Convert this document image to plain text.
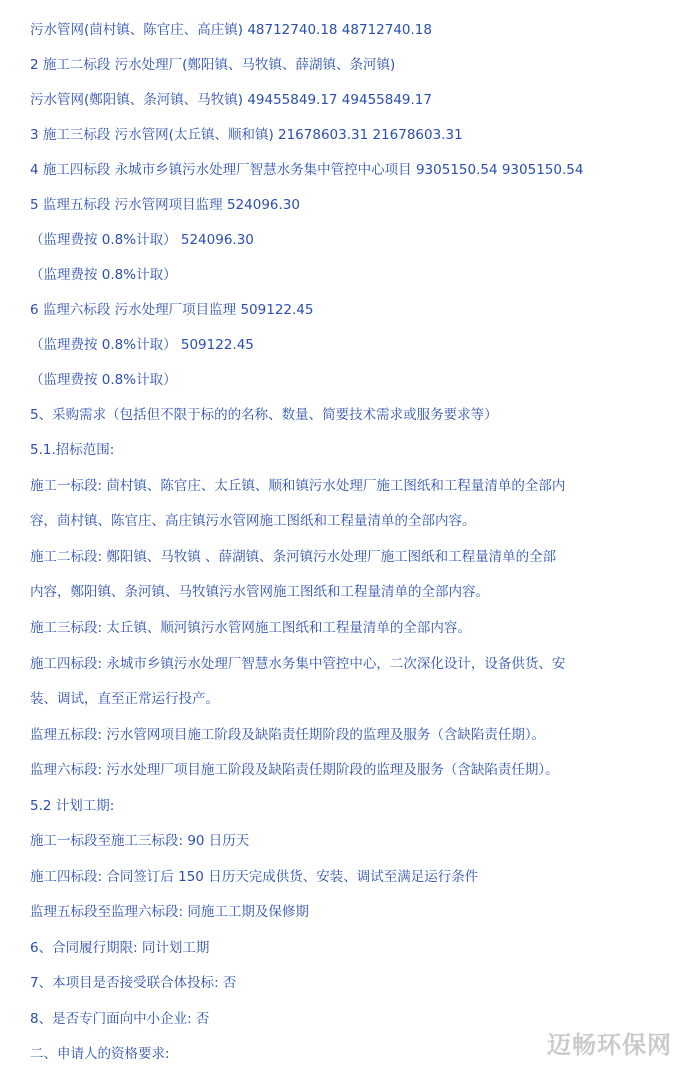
污水管网(茴村镇、陈官庄、高庄镇) 48712740.18 48712740.18
2 施工二标段 污水处理厂(鄭阳镇、马牧镇、薛湖镇、条河镇)
污水管网(鄭阳镇、条河镇、马牧镇) 49455849.17 49455849.17
3 施工三标段 污水管网(太丘镇、顺和镇) 21678603.31 21678603.31
4 施工四标段 永城市乡镇污水处理厂智慧水务集中管控中心项目 9305150.54 9305150.54
5 监理五标段 污水管网项目监理 524096.30
（监理费按 0.8%计取） 524096.30
（监理费按 0.8%计取）
6 监理六标段 污水处理厂项目监理 509122.45
（监理费按 0.8%计取） 509122.45
（监理费按 0.8%计取）
5、采购需求（包括但不限于标的的名称、数量、简要技术需求或服务要求等）
5.1.招标范围:
施工一标段: 茴村镇、陈官庄、太丘镇、顺和镇污水处理厂施工图纸和工程量清单的全部内
容，茴村镇、陈官庄、高庄镇污水管网施工图纸和工程量清单的全部内容。
施工二标段: 鄭阳镇、马牧镇 、薛湖镇、条河镇污水处理厂施工图纸和工程量清单的全部
内容，鄭阳镇、条河镇、马牧镇污水管网施工图纸和工程量清单的全部内容。
施工三标段: 太丘镇、顺河镇污水管网施工图纸和工程量清单的全部内容。
施工四标段: 永城市乡镇污水处理厂智慧水务集中管控中心，二次深化设计，设备供货、安
装、调试，直至正常运行投产。
监理五标段: 污水管网项目施工阶段及缺陷责任期阶段的监理及服务（含缺陷责任期）。
监理六标段: 污水处理厂项目施工阶段及缺陷责任期阶段的监理及服务（含缺陷责任期）。
5.2 计划工期:
施工一标段至施工三标段: 90 日历天
施工四标段: 合同签订后 150 日历天完成供货、安装、调试至满足运行条件
监理五标段至监理六标段: 同施工工期及保修期
6、合同履行期限: 同计划工期
7、本项目是否接受联合体投标: 否
8、是否专门面向中小企业: 否
二、申请人的资格要求:	迈畅环保网
